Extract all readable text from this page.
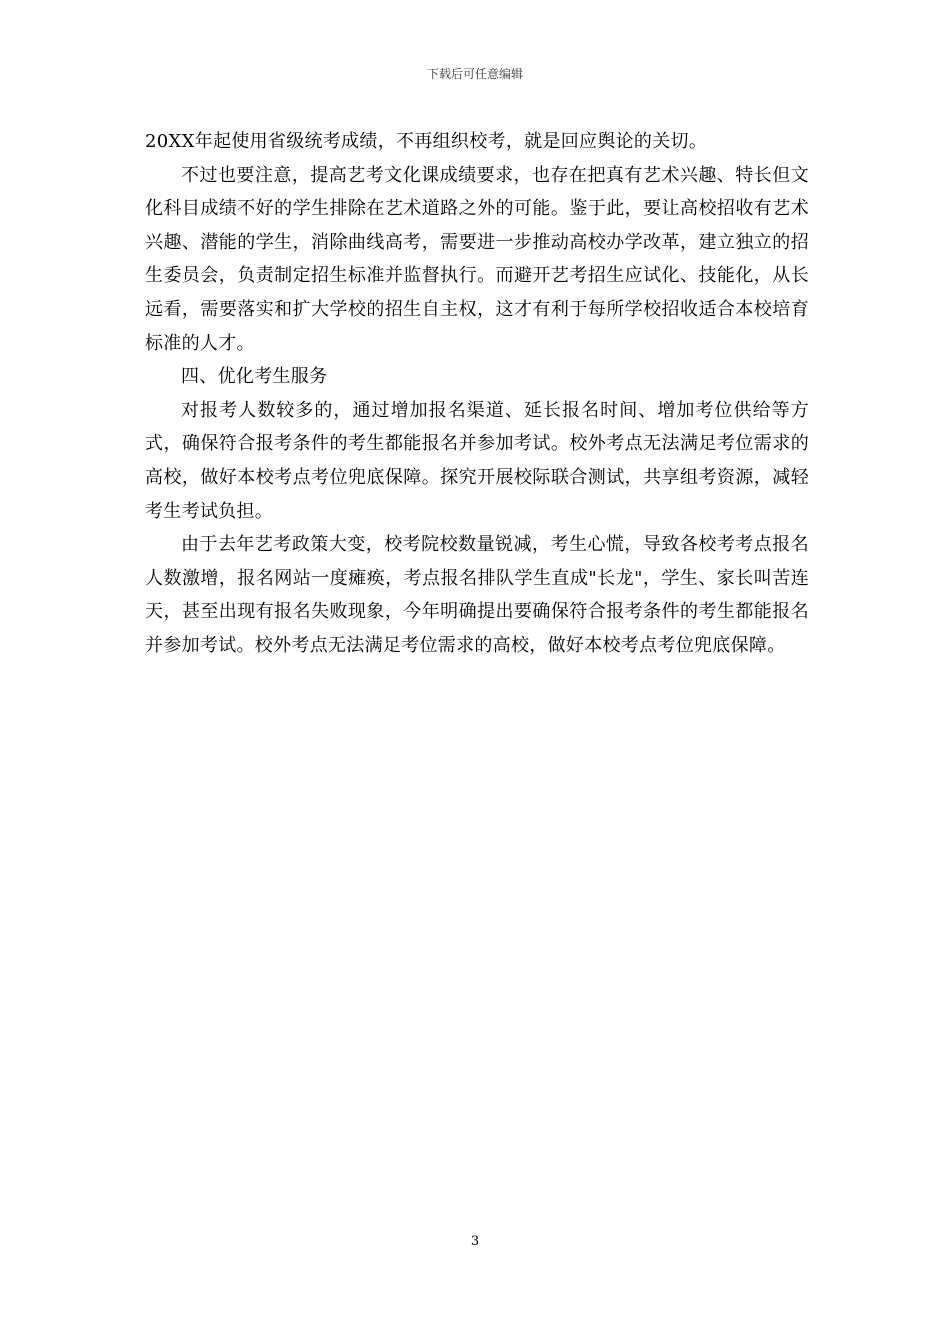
下载后可任意编辑

20XX年起使用省级统考成绩，不再组织校考，就是回应舆论的关切。

不过也要注意，提高艺考文化课成绩要求，也存在把真有艺术兴趣、特长但文化科目成绩不好的学生排除在艺术道路之外的可能。鉴于此，要让高校招收有艺术兴趣、潜能的学生，消除曲线高考，需要进一步推动高校办学改革，建立独立的招生委员会，负责制定招生标准并监督执行。而避开艺考招生应试化、技能化，从长远看，需要落实和扩大学校的招生自主权，这才有利于每所学校招收适合本校培育标准的人才。

四、优化考生服务

对报考人数较多的，通过增加报名渠道、延长报名时间、增加考位供给等方式，确保符合报考条件的考生都能报名并参加考试。校外考点无法满足考位需求的高校，做好本校考点考位兜底保障。探究开展校际联合测试，共享组考资源，减轻考生考试负担。

由于去年艺考政策大变，校考院校数量锐减，考生心慌，导致各校考考点报名人数激增，报名网站一度瘫痪，考点报名排队学生直成"长龙"，学生、家长叫苦连天，甚至出现有报名失败现象，今年明确提出要确保符合报考条件的考生都能报名并参加考试。校外考点无法满足考位需求的高校，做好本校考点考位兜底保障。

3
